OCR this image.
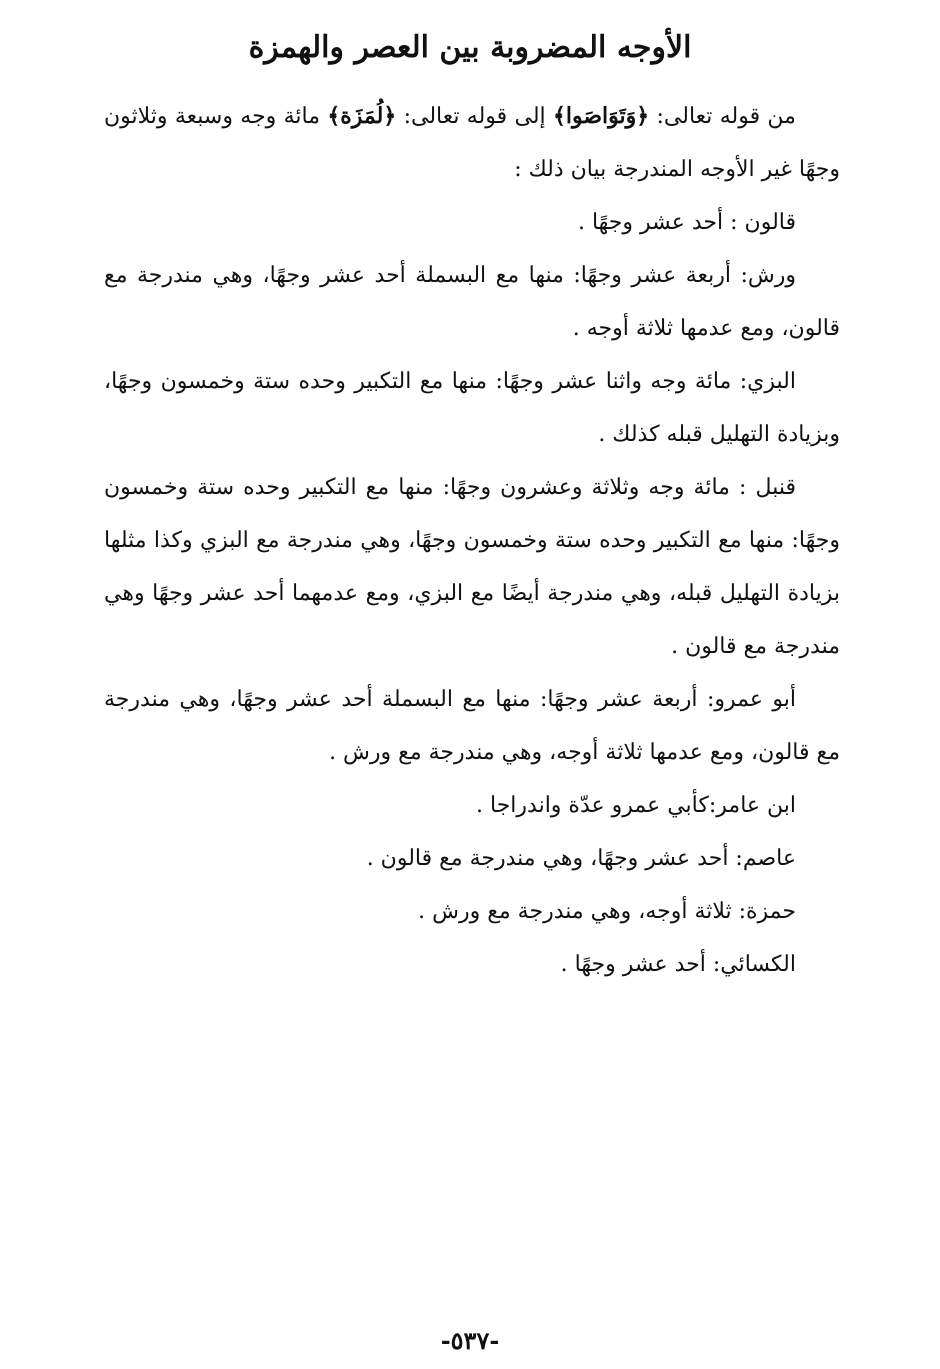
الأوجه المضروبة بين العصر والهمزة

من قوله تعالى: ﴿وَتَوَاصَوا﴾ إلى قوله تعالى: ﴿لُمَزَة﴾ مائة وجه وسبعة وثلاثون وجهًا غير الأوجه المندرجة بيان ذلك :

قالون : أحد عشر وجهًا .

ورش: أربعة عشر وجهًا: منها مع البسملة أحد عشر وجهًا، وهي مندرجة مع قالون، ومع عدمها ثلاثة أوجه .

البزي: مائة وجه واثنا عشر وجهًا: منها مع التكبير وحده ستة وخمسون وجهًا، وبزيادة التهليل قبله كذلك .

قنبل : مائة وجه وثلاثة وعشرون وجهًا: منها مع التكبير وحده ستة وخمسون وجهًا: منها مع التكبير وحده ستة وخمسون وجهًا، وهي مندرجة مع البزي وكذا مثلها بزيادة التهليل قبله، وهي مندرجة أيضًا مع البزي، ومع عدمهما أحد عشر وجهًا وهي مندرجة مع قالون .

أبو عمرو: أربعة عشر وجهًا: منها مع البسملة أحد عشر وجهًا، وهي مندرجة مع قالون، ومع عدمها ثلاثة أوجه، وهي مندرجة مع ورش .

ابن عامر:كأبي عمرو عدّة واندراجا .

عاصم: أحد عشر وجهًا، وهي مندرجة مع قالون .

حمزة: ثلاثة أوجه، وهي مندرجة مع ورش .

الكسائي: أحد عشر وجهًا .

-٥٣٧-
